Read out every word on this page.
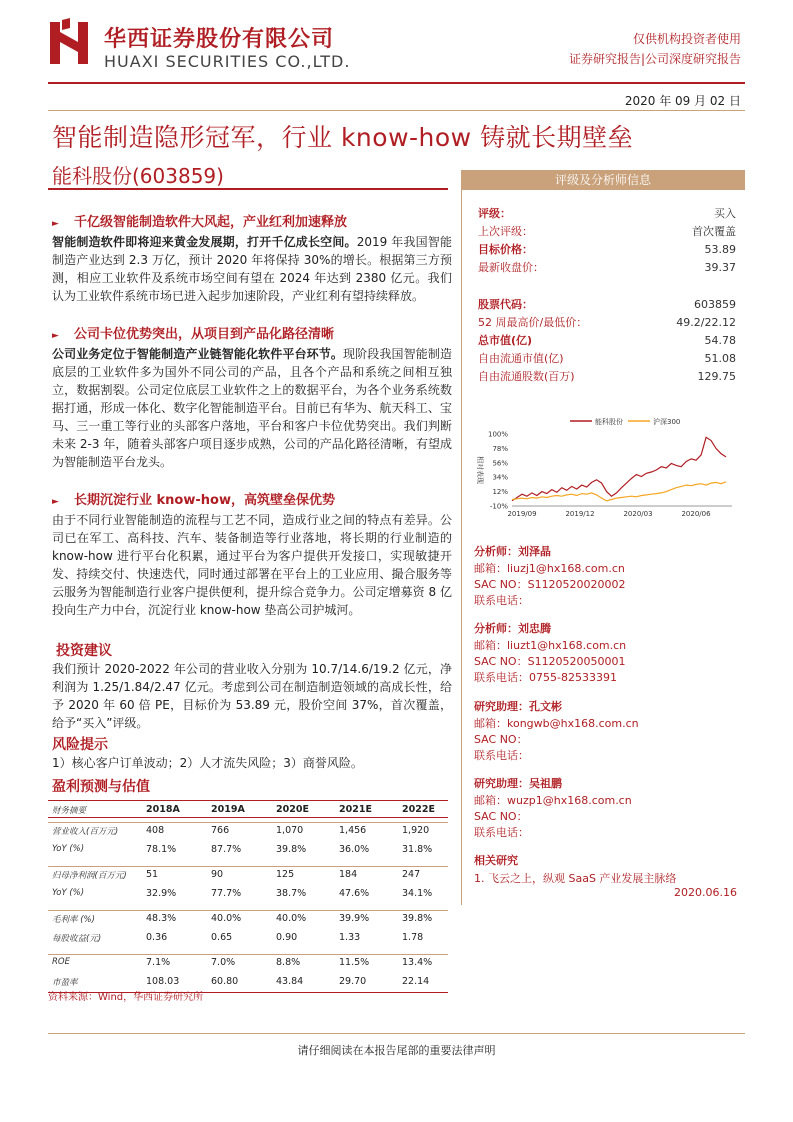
华西证券股份有限公司
HUAXI SECURITIES CO.,LTD.
仅供机构投资者使用
证券研究报告|公司深度研究报告
2020 年 09 月 02 日
智能制造隐形冠军，行业 know-how 铸就长期壁垒
能科股份(603859)
► 千亿级智能制造软件大风起，产业红利加速释放
智能制造软件即将迎来黄金发展期，打开千亿成长空间。2019 年我国智能制造产业达到 2.3 万亿，预计 2020 年将保持 30%的增长。根据第三方预测，相应工业软件及系统市场空间有望在 2024 年达到 2380 亿元。我们认为工业软件系统市场已进入起步加速阶段，产业红利有望持续释放。
► 公司卡位优势突出，从项目到产品化路径清晰
公司业务定位于智能制造产业链智能化软件平台环节。现阶段我国智能制造底层的工业软件多为国外不同公司的产品，且各个产品和系统之间相互独立，数据割裂。公司定位底层工业软件之上的数据平台，为各个业务系统数据打通，形成一体化、数字化智能制造平台。目前已有华为、航天科工、宝马、三一重工等行业的头部客户落地，平台和客户卡位优势突出。我们判断未来 2-3 年，随着头部客户项目逐步成熟，公司的产品化路径清晰，有望成为智能制造平台龙头。
► 长期沉淀行业 know-how，高筑壁垒保优势
由于不同行业智能制造的流程与工艺不同，造成行业之间的特点有差异。公司已在军工、高科技、汽车、装备制造等行业落地，将长期的行业制造的 know-how 进行平台化积累，通过平台为客户提供开发接口，实现敏捷开发、持续交付、快速迭代，同时通过部署在平台上的工业应用、撮合服务等云服务为智能制造行业客户提供便利，提升综合竞争力。公司定增募资 8 亿投向生产力中台，沉淀行业 know-how 垫高公司护城河。
投资建议
我们预计 2020-2022 年公司的营业收入分别为 10.7/14.6/19.2 亿元，净利润为 1.25/1.84/2.47 亿元。考虑到公司在制造制造领域的高成长性，给予 2020 年 60 倍 PE，目标价为 53.89 元，股价空间 37%，首次覆盖，给予“买入”评级。
风险提示
1）核心客户订单波动；2）人才流失风险；3）商誉风险。
盈利预测与估值
财务摘要	2018A	2019A	2020E	2021E	2022E
营业收入(百万元)	408	766	1,070	1,456	1,920
YoY (%)	78.1%	87.7%	39.8%	36.0%	31.8%
归母净利润(百万元) 51	90	125	184	247
YoY (%)	32.9%	77.7%	38.7%	47.6%	34.1%
毛利率 (%)	48.3%	40.0%	40.0%	39.9%	39.8%
每股收益(元)	0.36	0.65	0.90	1.33	1.78
ROE	7.1%	7.0%	8.8%	11.5%	13.4%
市盈率	108.03	60.80	43.84	29.70	22.14
资料来源：Wind，华西证券研究所
评级及分析师信息
评级：	买入
上次评级：	首次覆盖
目标价格：	53.89
最新收盘价：	39.37
股票代码：	603859
52 周最高价/最低价：	49.2/22.12
总市值(亿)	54.78
自由流通市值(亿)	51.08
自由流通股数(百万)	129.75
能科股份	沪深300
100%
78%
56%
34%
12%
-10%
相对表现
2019/09	2019/12	2020/03	2020/06
分析师：刘泽晶
邮箱：liuzj1@hx168.com.cn
SAC NO：S1120520020002
联系电话：
分析师：刘忠腾
邮箱：liuzt1@hx168.com.cn
SAC NO：S1120520050001
联系电话：0755-82533391
研究助理：孔文彬
邮箱：kongwb@hx168.com.cn
SAC NO：
联系电话：
研究助理：吴祖鹏
邮箱：wuzp1@hx168.com.cn
SAC NO：
联系电话：
相关研究
1. 飞云之上，纵观 SaaS 产业发展主脉络
2020.06.16
请仔细阅读在本报告尾部的重要法律声明
